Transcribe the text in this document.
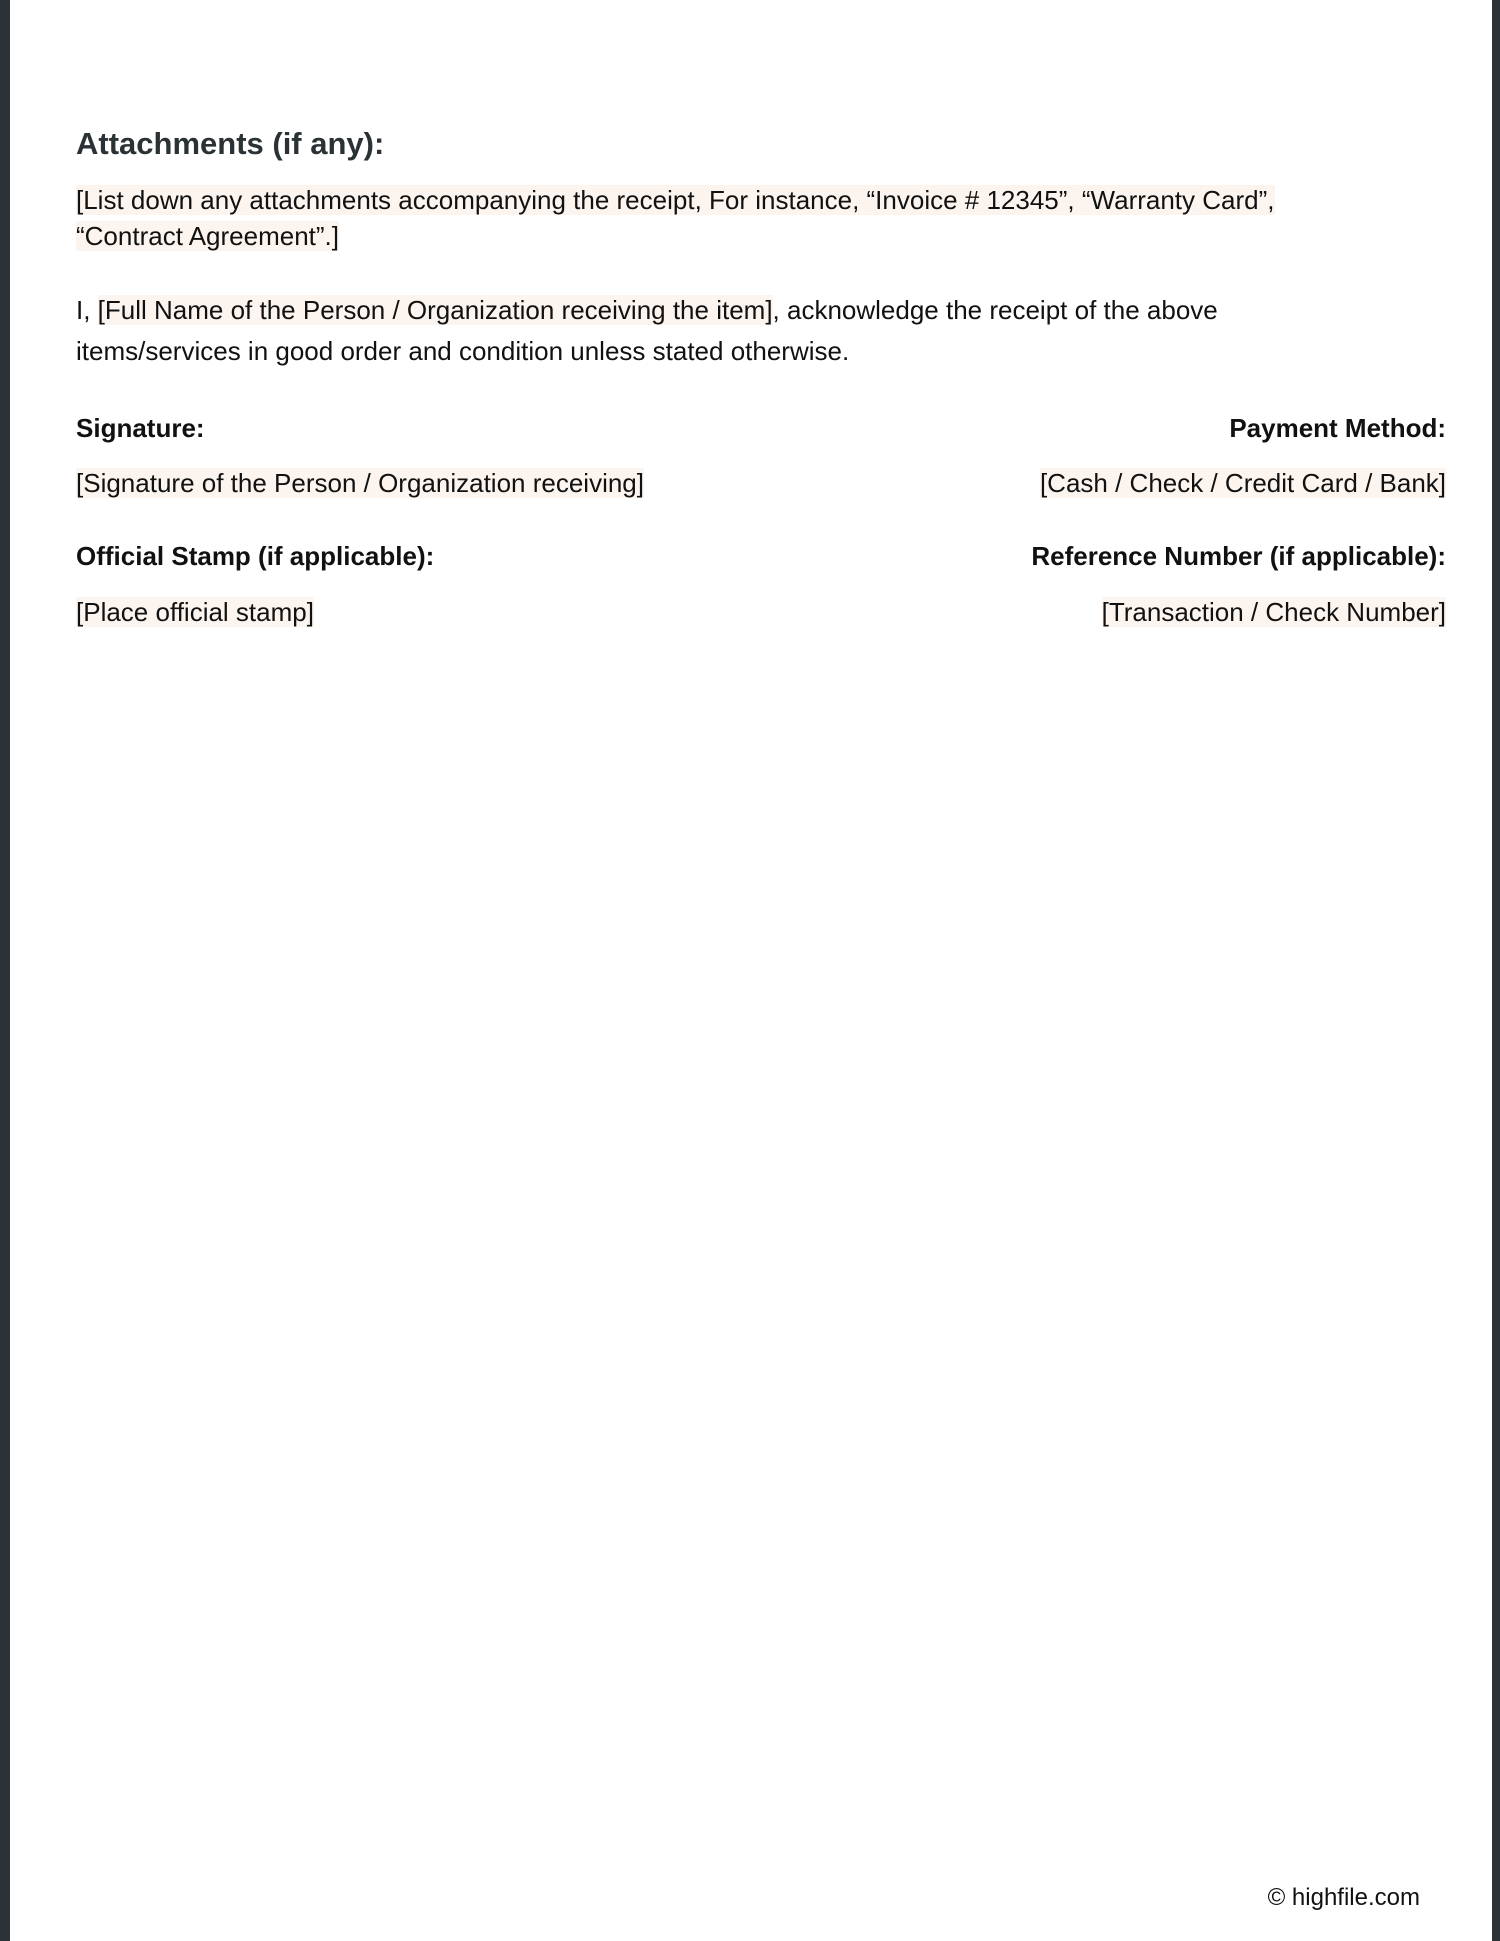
Attachments (if any):
[List down any attachments accompanying the receipt, For instance, “Invoice # 12345”, “Warranty Card”,
“Contract Agreement”.]
I, [Full Name of the Person / Organization receiving the item], acknowledge the receipt of the above
items/services in good order and condition unless stated otherwise.
Signature:	Payment Method:
[Signature of the Person / Organization receiving]	[Cash / Check / Credit Card / Bank]
Official Stamp (if applicable):	Reference Number (if applicable):
[Place official stamp]	[Transaction / Check Number]
© highfile.com
